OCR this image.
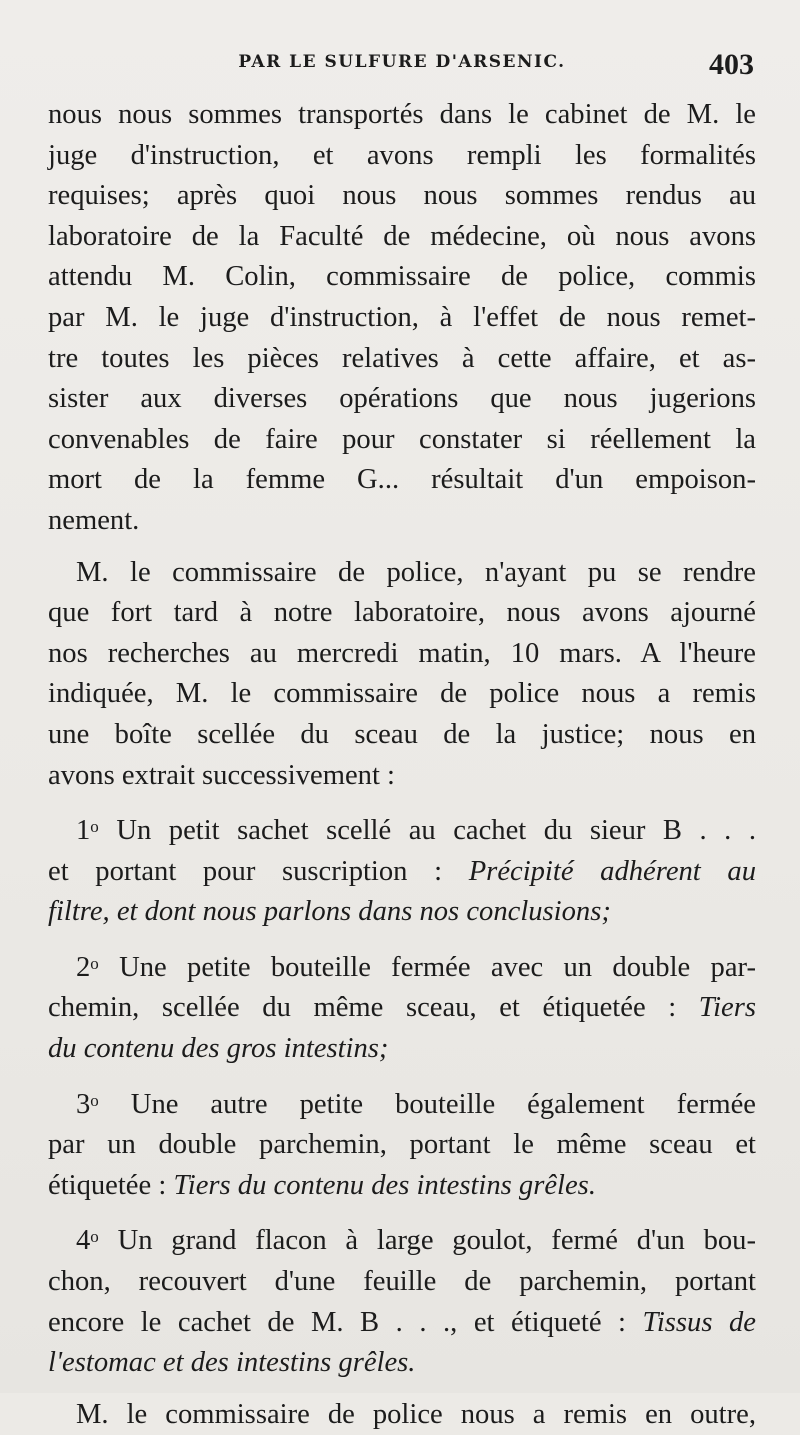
PAR LE SULFURE D'ARSENIC.	403

nous nous sommes transportés dans le cabinet de M. le
juge d'instruction, et avons rempli les formalités
requises; après quoi nous nous sommes rendus au
laboratoire de la Faculté de médecine, où nous avons
attendu M. Colin, commissaire de police, commis
par M. le juge d'instruction, à l'effet de nous remet-
tre toutes les pièces relatives à cette affaire, et as-
sister aux diverses opérations que nous jugerions
convenables de faire pour constater si réellement la
mort de la femme G... résultait d'un empoison-
nement.

M. le commissaire de police, n'ayant pu se rendre
que fort tard à notre laboratoire, nous avons ajourné
nos recherches au mercredi matin, 10 mars. A l'heure
indiquée, M. le commissaire de police nous a remis
une boîte scellée du sceau de la justice; nous en
avons extrait successivement :

1$^o$ Un petit sachet scellé au cachet du sieur B . . .
et portant pour suscription : Précipité adhérent au
filtre, et dont nous parlons dans nos conclusions;

2$^o$ Une petite bouteille fermée avec un double par-
chemin, scellée du même sceau, et étiquetée : Tiers
du contenu des gros intestins;

3$^o$ Une autre petite bouteille également fermée
par un double parchemin, portant le même sceau et
étiquetée : Tiers du contenu des intestins grêles.

4$^o$ Un grand flacon à large goulot, fermé d'un bou-
chon, recouvert d'une feuille de parchemin, portant
encore le cachet de M. B . . ., et étiqueté : Tissus de
l'estomac et des intestins grêles.

M. le commissaire de police nous a remis en outre,
